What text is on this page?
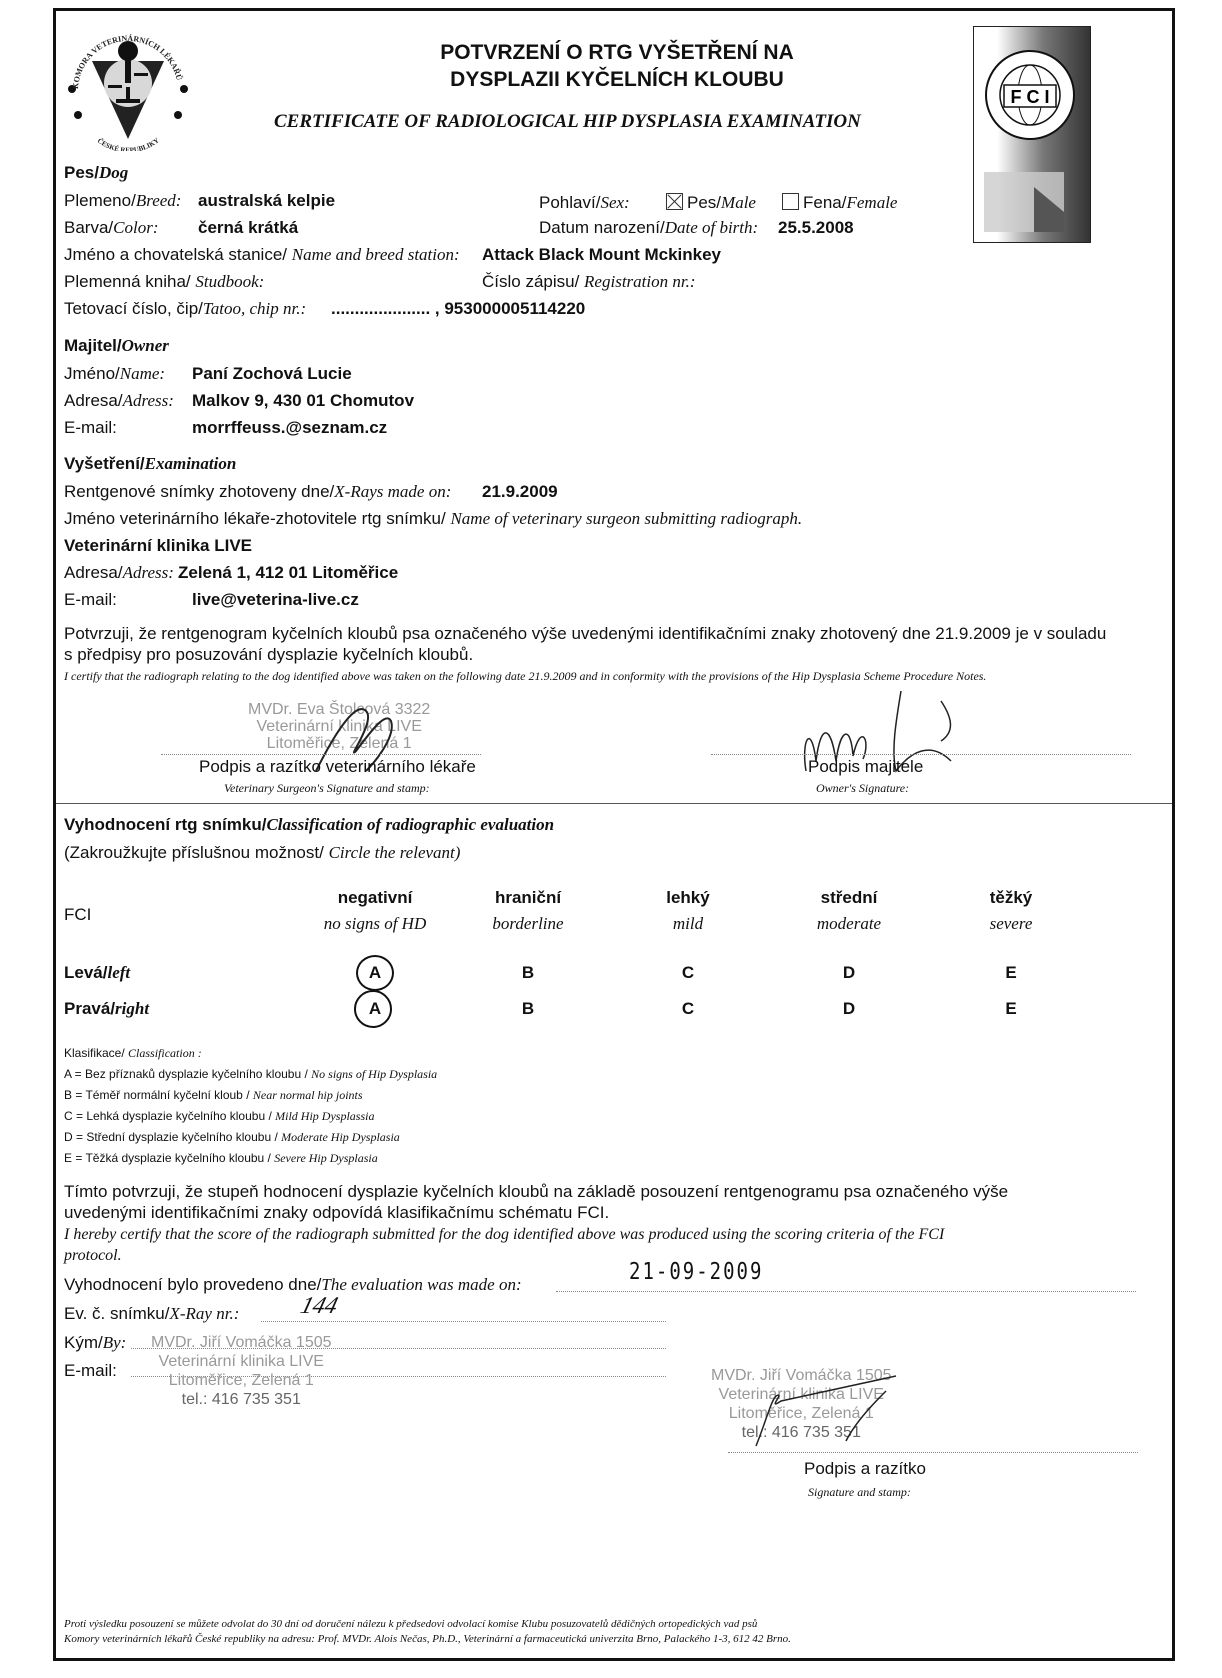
KOMORA VETERINÁRNÍCH LÉKAŘŮ
ČESKÉ REPUBLIKY
POTVRZENÍ O RTG VYŠETŘENÍ NA
DYSPLAZII KYČELNÍCH KLOUBU
CERTIFICATE OF RADIOLOGICAL HIP DYSPLASIA EXAMINATION
F C I
Pes/Dog
Plemeno/Breed: australská kelpie	Pohlaví/Sex:	Pes/Male	Fena/Female
Barva/Color: černá krátká	Datum narození/Date of birth: 25.5.2008
Jméno a chovatelská stanice/ Name and breed station: Attack Black Mount Mckinkey
Plemenná kniha/ Studbook:	Číslo zápisu/ Registration nr.:
Tetovací číslo, čip/Tatoo, chip nr.: ..................... , 953000005114220
Majitel/Owner
Jméno/Name: Paní Zochová Lucie
Adresa/Adress: Malkov 9, 430 01 Chomutov
E-mail:	morrffeuss.@seznam.cz
Vyšetření/Examination
Rentgenové snímky zhotoveny dne/X-Rays made on: 21.9.2009
Jméno veterinárního lékaře-zhotovitele rtg snímku/ Name of veterinary surgeon submitting radiograph.
Veterinární klinika LIVE
Adresa/Adress: Zelená 1, 412 01 Litoměřice
E-mail:	live@veterina-live.cz
Potvrzuji, že rentgenogram kyčelních kloubů psa označeného výše uvedenými identifikačními znaky zhotovený dne 21.9.2009 je v souladu s předpisy pro posuzování dysplazie kyčelních kloubů.
I certify that the radiograph relating to the dog identified above was taken on the following date 21.9.2009 and in conformity with the provisions of the Hip Dysplasia Scheme Procedure Notes.
MVDr. Eva Štolcová 3322
Veterinární klinika LIVE
Litoměřice, Zelená 1
Podpis a razítko veterinárního lékaře
Veterinary Surgeon's Signature and stamp:
Podpis majitele
Owner's Signature:
Vyhodnocení rtg snímku/Classification of radiographic evaluation
(Zakroužkujte příslušnou možnost/ Circle the relevant)
FCI
negativní
no signs of HD
hraniční
borderline
lehký
mild
střední
moderate
těžký
severe
Levá/left	A	B	C	D	E
Pravá/right	A	B	C	D	E
Klasifikace/ Classification :
A = Bez příznaků dysplazie kyčelního kloubu / No signs of Hip Dysplasia
B = Téměř normální kyčelní kloub / Near normal hip joints
C = Lehká dysplazie kyčelního kloubu / Mild Hip Dysplassia
D = Střední dysplazie kyčelního kloubu / Moderate Hip Dysplasia
E = Těžká dysplazie kyčelního kloubu / Severe Hip Dysplasia
Tímto potvrzuji, že stupeň hodnocení dysplazie kyčelních kloubů na základě posouzení rentgenogramu psa označeného výše uvedenými identifikačními znaky odpovídá klasifikačnímu schématu FCI.
I hereby certify that the score of the radiograph submitted for the dog identified above was produced using the scoring criteria of the FCI protocol.
Vyhodnocení bylo provedeno dne/The evaluation was made on:	21-09-2009
Ev. č. snímku/X-Ray nr.: 144
Kým/By:
E-mail:
MVDr. Jiří Vomáčka 1505
Veterinární klinika LIVE
Litoměřice, Zelená 1
tel.: 416 735 351
MVDr. Jiří Vomáčka 1505
Veterinární klinika LIVE
Litoměřice, Zelená 1
tel.: 416 735 351
Podpis a razítko
Signature and stamp:
Proti výsledku posouzení se můžete odvolat do 30 dní od doručení nálezu k předsedovi odvolací komise Klubu posuzovatelů dědičných ortopedických vad psů
Komory veterinárních lékařů České republiky na adresu: Prof. MVDr. Alois Nečas, Ph.D., Veterinární a farmaceutická univerzita Brno, Palackého 1-3, 612 42 Brno.
